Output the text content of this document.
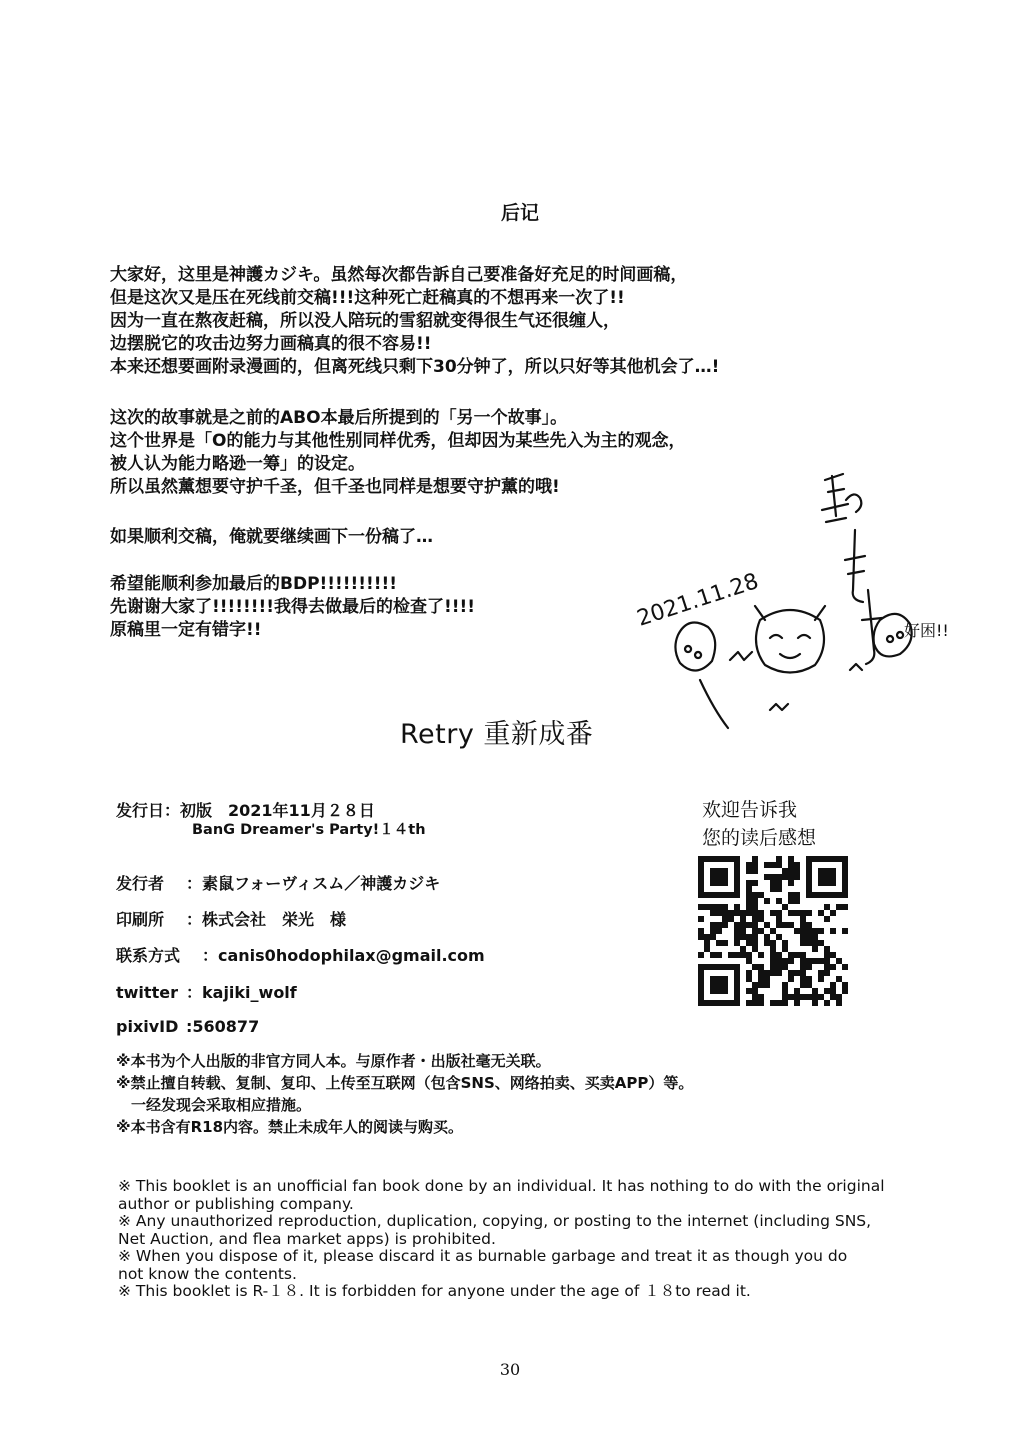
后记
大家好，这里是神護カジキ。虽然每次都告訴自己要准备好充足的时间画稿，
但是这次又是压在死线前交稿!!!这种死亡赶稿真的不想再来一次了!!
因为一直在熬夜赶稿，所以没人陪玩的雪貂就变得很生气还很缠人，
边摆脱它的攻击边努力画稿真的很不容易!!
本来还想要画附录漫画的，但离死线只剩下30分钟了，所以只好等其他机会了…!
这次的故事就是之前的ABO本最后所提到的「另一个故事」。
这个世界是「O的能力与其他性别同样优秀，但却因为某些先入为主的观念，
被人认为能力略逊一筹」的设定。
所以虽然薰想要守护千圣，但千圣也同样是想要守护薰的哦!
如果顺利交稿，俺就要继续画下一份稿了…
希望能顺利参加最后的BDP!!!!!!!!!!
先谢谢大家了!!!!!!!!我得去做最后的检查了!!!!
原稿里一定有错字!!	2021.11.28	好困!!
Retry 重新成番
发行日：初版　2021年11月２８日
BanG Dreamer's Party!１４th
发行者 ：素鼠フォーヴィスム／神護カジキ
印刷所 ：株式会社　栄光　様
联系方式 ：canis0hodophilax@gmail.com
twitter ：kajiki_wolf
pixivID :560877
※本书为个人出版的非官方同人本。与原作者・出版社毫无关联。
※禁止擅自转载、复制、复印、上传至互联网（包含SNS、网络拍卖、买卖APP）等。
　一经发现会采取相应措施。
※本书含有R18内容。禁止未成年人的阅读与购买。
※ This booklet is an unofficial fan book done by an individual. It has nothing to do with the original
author or publishing company.
※ Any unauthorized reproduction, duplication, copying, or posting to the internet (including SNS,
Net Auction, and flea market apps) is prohibited.
※ When you dispose of it, please discard it as burnable garbage and treat it as though you do
not know the contents.
※ This booklet is R-１８. It is forbidden for anyone under the age of １８to read it.
欢迎告诉我
您的读后感想
30
